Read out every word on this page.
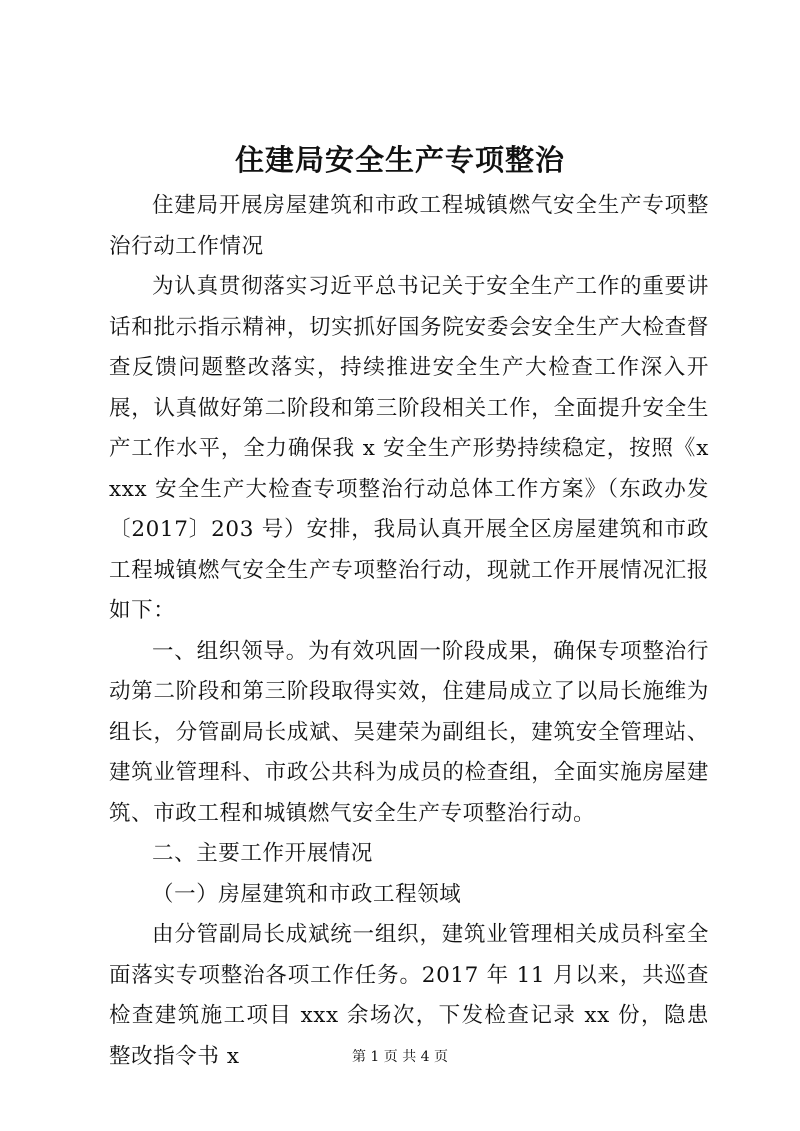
住建局安全生产专项整治

住建局开展房屋建筑和市政工程城镇燃气安全生产专项整治行动工作情况

为认真贯彻落实习近平总书记关于安全生产工作的重要讲话和批示指示精神，切实抓好国务院安委会安全生产大检查督查反馈问题整改落实，持续推进安全生产大检查工作深入开展，认真做好第二阶段和第三阶段相关工作，全面提升安全生产工作水平，全力确保我 x 安全生产形势持续稳定，按照《xxxx 安全生产大检查专项整治行动总体工作方案》（东政办发〔2017〕203 号）安排，我局认真开展全区房屋建筑和市政工程城镇燃气安全生产专项整治行动，现就工作开展情况汇报如下：

一、组织领导。为有效巩固一阶段成果，确保专项整治行动第二阶段和第三阶段取得实效，住建局成立了以局长施维为组长，分管副局长成斌、吴建荣为副组长，建筑安全管理站、建筑业管理科、市政公共科为成员的检查组，全面实施房屋建筑、市政工程和城镇燃气安全生产专项整治行动。

二、主要工作开展情况

（一）房屋建筑和市政工程领域

由分管副局长成斌统一组织，建筑业管理相关成员科室全面落实专项整治各项工作任务。2017 年 11 月以来，共巡查检查建筑施工项目 xxx 余场次，下发检查记录 xx 份，隐患整改指令书 x	第 1 页 共 4 页
